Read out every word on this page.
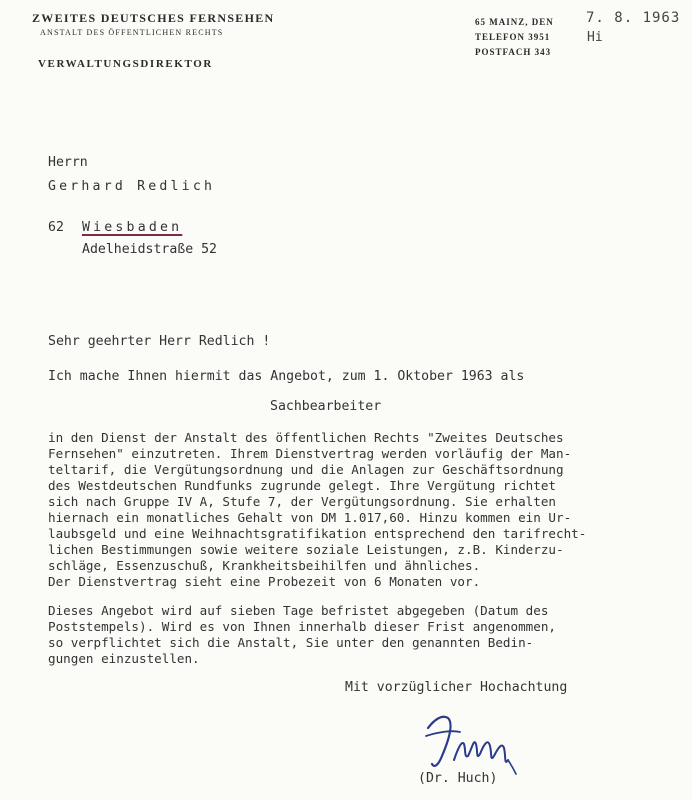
ZWEITES DEUTSCHES FERNSEHEN
ANSTALT DES ÖFFENTLICHEN RECHTS
VERWALTUNGSDIREKTOR
65 MAINZ, DEN
TELEFON 3951
POSTFACH 343
7. 8. 1963
Hi
Herrn
Gerhard Redlich
62 Wiesbaden
Adelheidstraße 52
Sehr geehrter Herr Redlich !
Ich mache Ihnen hiermit das Angebot, zum 1. Oktober 1963 als
Sachbearbeiter
in den Dienst der Anstalt des öffentlichen Rechts "Zweites Deutsches
Fernsehen" einzutreten. Ihrem Dienstvertrag werden vorläufig der Man-
teltarif, die Vergütungsordnung und die Anlagen zur Geschäftsordnung
des Westdeutschen Rundfunks zugrunde gelegt. Ihre Vergütung richtet
sich nach Gruppe IV A, Stufe 7, der Vergütungsordnung. Sie erhalten
hiernach ein monatliches Gehalt von DM 1.017,60. Hinzu kommen ein Ur-
laubsgeld und eine Weihnachtsgratifikation entsprechend den tarifrecht-
lichen Bestimmungen sowie weitere soziale Leistungen, z.B. Kinderzu-
schläge, Essenzuschuß, Krankheitsbeihilfen und ähnliches.
Der Dienstvertrag sieht eine Probezeit von 6 Monaten vor.
Dieses Angebot wird auf sieben Tage befristet abgegeben (Datum des
Poststempels). Wird es von Ihnen innerhalb dieser Frist angenommen,
so verpflichtet sich die Anstalt, Sie unter den genannten Bedin-
gungen einzustellen.
Mit vorzüglicher Hochachtung
(Dr. Huch)
